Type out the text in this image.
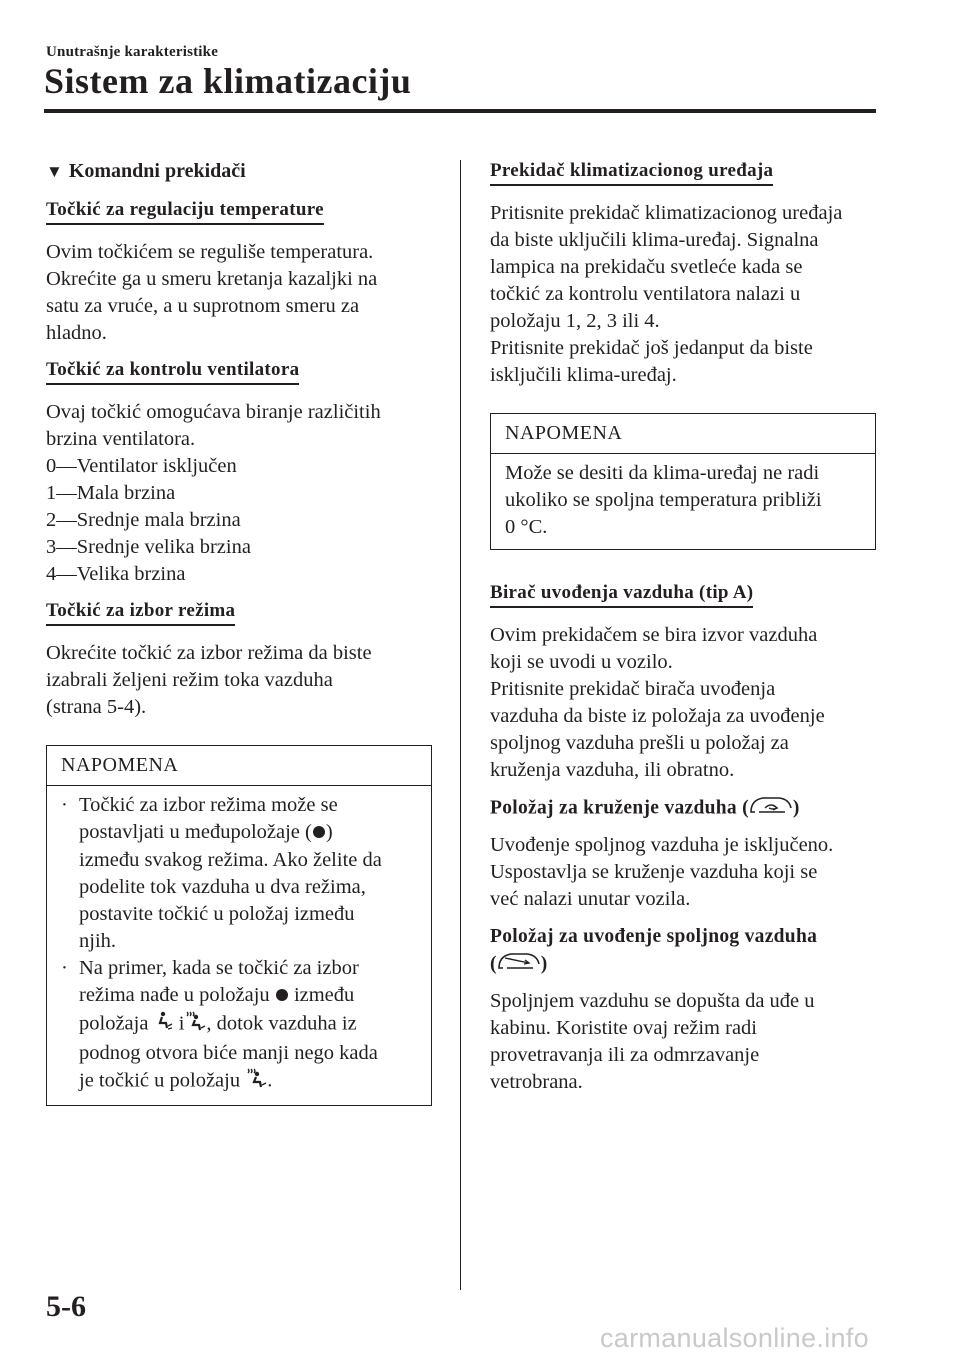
Unutrašnje karakteristike
Sistem za klimatizaciju
▼ Komandni prekidači
Točkić za regulaciju temperature

Ovim točkićem se reguliše temperatura.

Okrećite ga u smeru kretanja kazaljki na

satu za vruće, a u suprotnom smeru za

hladno.

Točkić za kontrolu ventilatora

Ovaj točkić omogućava biranje različitih

brzina ventilatora.

0―Ventilator isključen

1―Mala brzina

2―Srednje mala brzina

3―Srednje velika brzina

4―Velika brzina

Točkić za izbor režima

Okrećite točkić za izbor režima da biste

izabrali željeni režim toka vazduha

(strana 5-4).

NAPOMENA
· Točkić za izbor režima može se
postavljati u međupoložaje ( )
između svakog režima. Ako želite da
podelite tok vazduha u dva režima,
postavite točkić u položaj između
njih.
· Na primer, kada se točkić za izbor
režima nađe u položaju između
položaja i , dotok vazduha iz
podnog otvora biće manji nego kada
je točkić u položaju .
Prekidač klimatizacionog uređaja

Pritisnite prekidač klimatizacionog uređaja

da biste uključili klima-uređaj. Signalna

lampica na prekidaču svetleće kada se

točkić za kontrolu ventilatora nalazi u

položaju 1, 2, 3 ili 4.

Pritisnite prekidač još jedanput da biste

isključili klima-uređaj.

NAPOMENA

Može se desiti da klima-uređaj ne radi

ukoliko se spoljna temperatura približi

0 °C.

Birač uvođenja vazduha (tip A)

Ovim prekidačem se bira izvor vazduha

koji se uvodi u vozilo.

Pritisnite prekidač birača uvođenja

vazduha da biste iz položaja za uvođenje

spoljnog vazduha prešli u položaj za

kruženja vazduha, ili obratno.

Položaj za kruženje vazduha ( )

Uvođenje spoljnog vazduha je isključeno.

Uspostavlja se kruženje vazduha koji se

već nalazi unutar vozila.

Položaj za uvođenje spoljnog vazduha

( )

Spoljnjem vazduhu se dopušta da uđe u

kabinu. Koristite ovaj režim radi

provetravanja ili za odmrzavanje

vetrobrana.

5-6
carmanualsonline.info
